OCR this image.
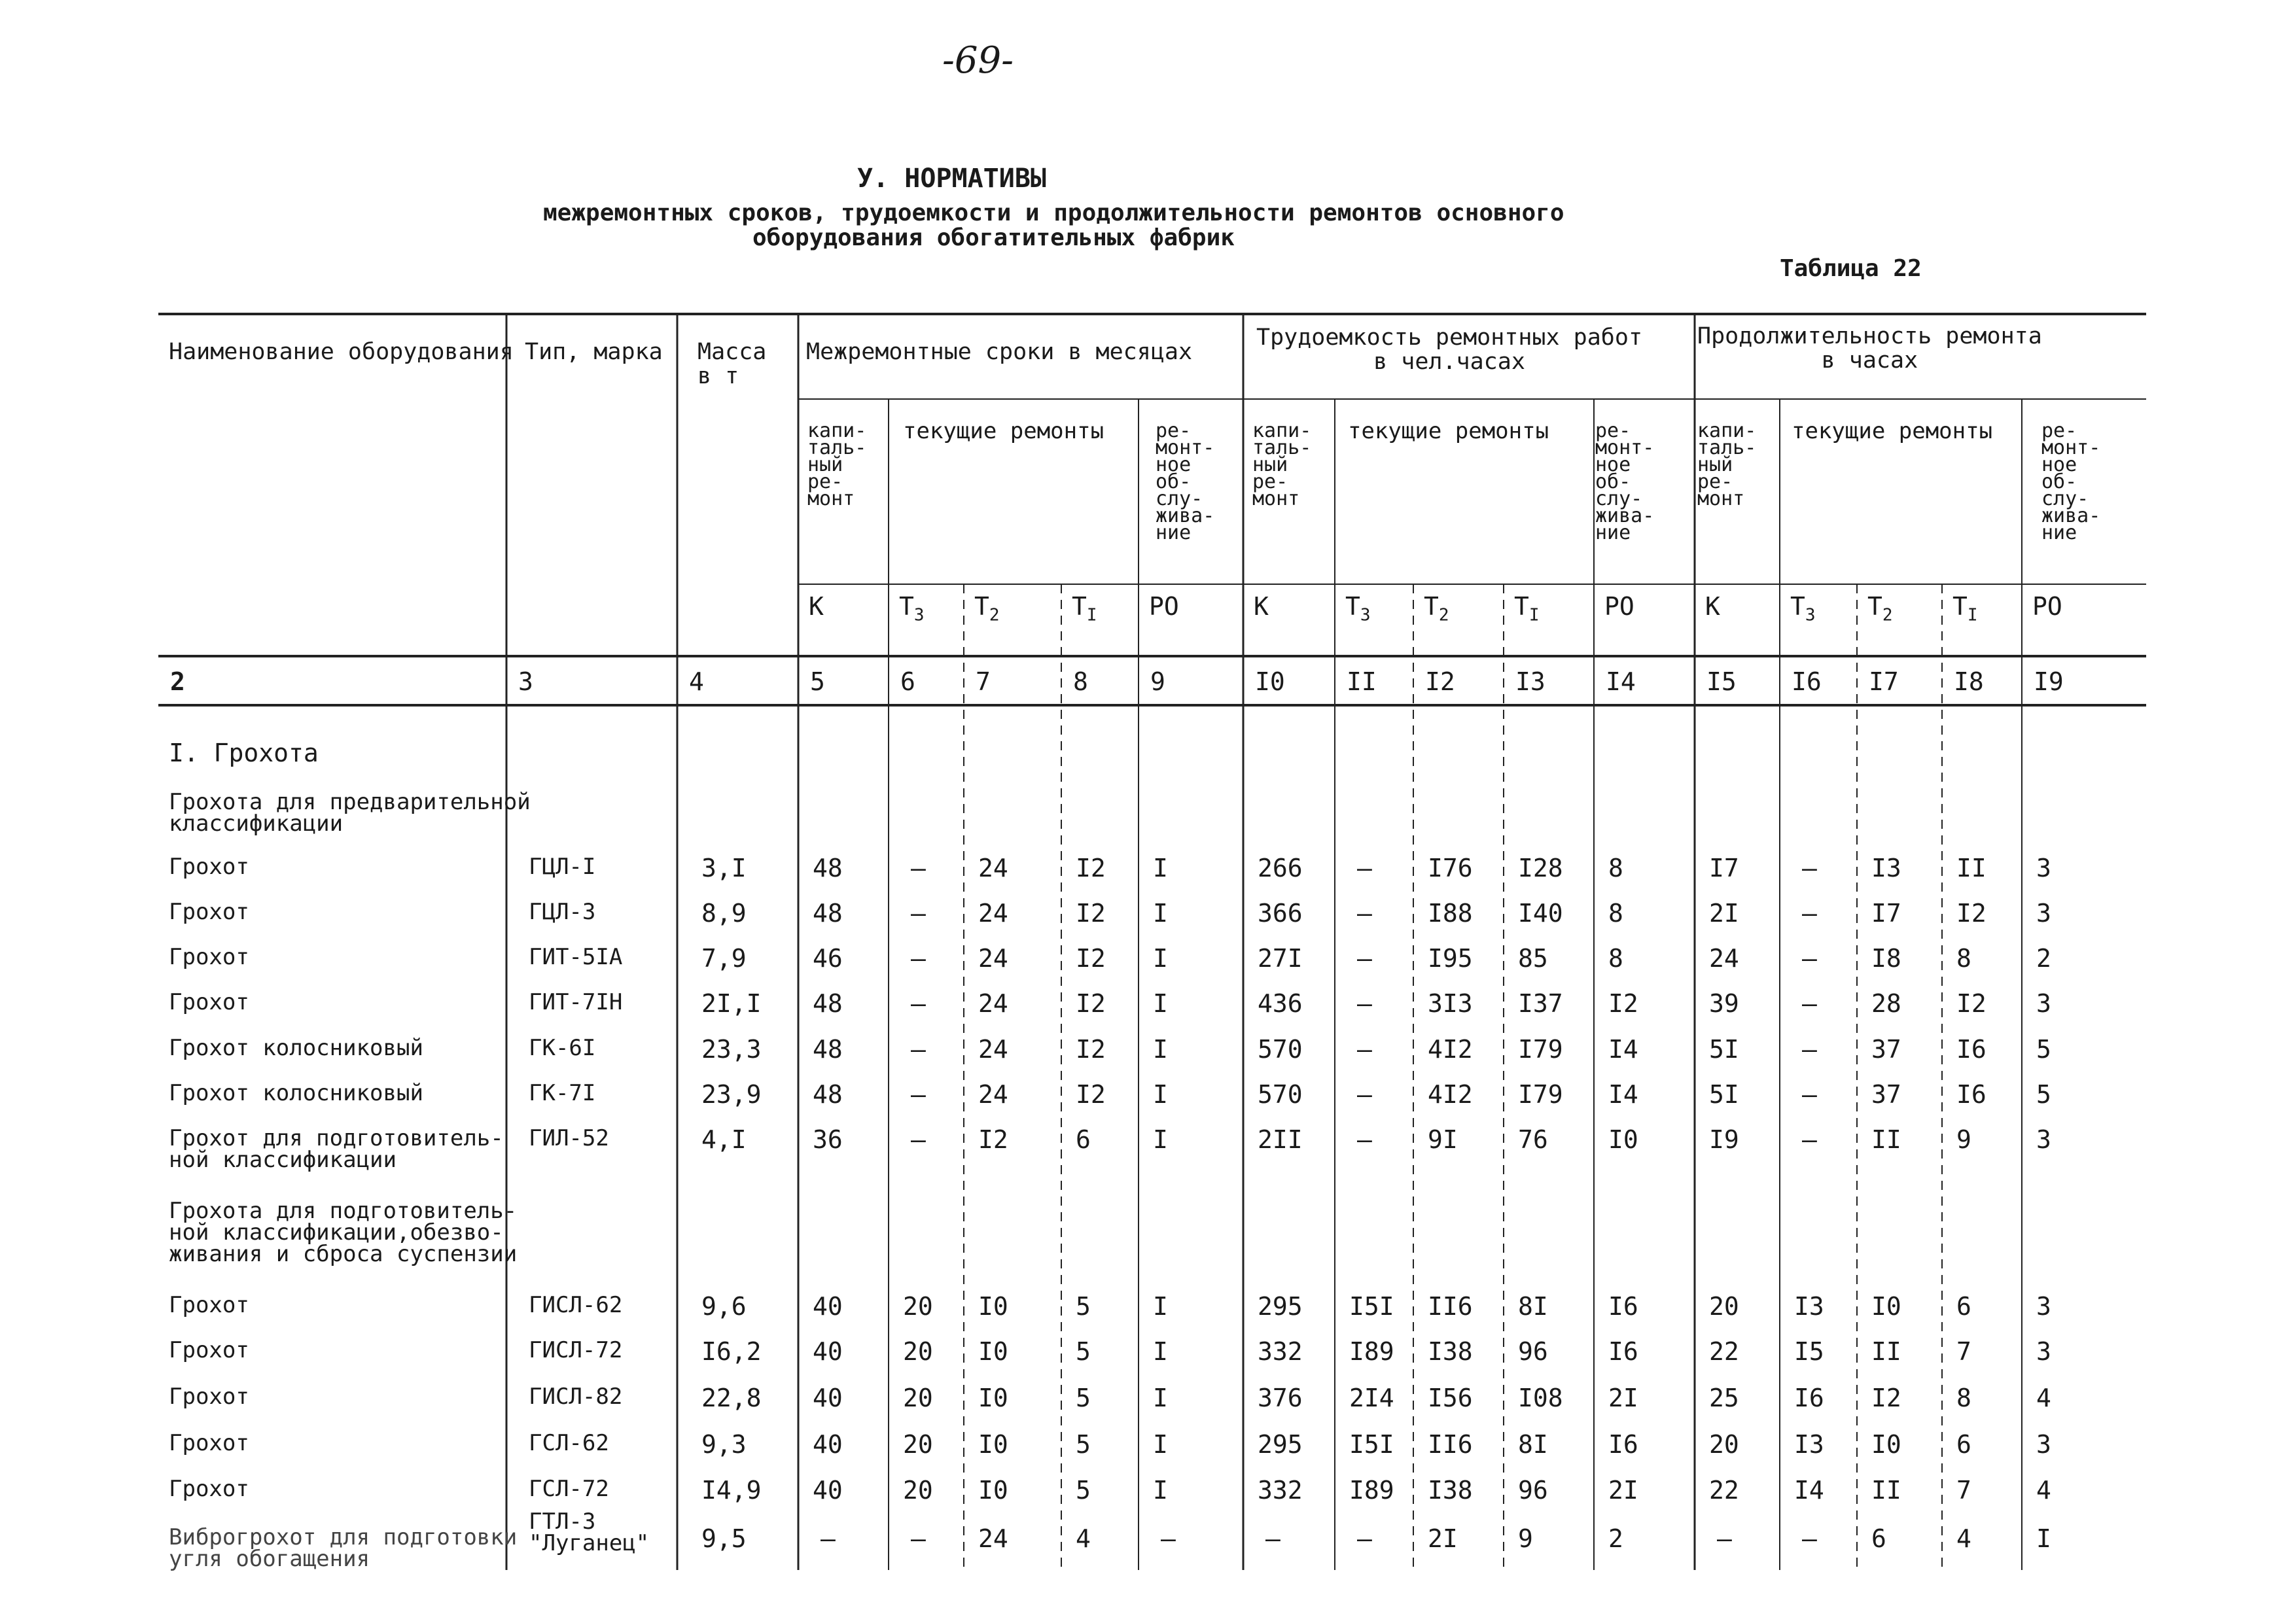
-69-
У. НОРМАТИВЫ
межремонтных сроков, трудоемкости и продолжительности ремонтов основного
оборудования обогатительных фабрик
Таблица 22
Наименование оборудования Тип, марка Масса
в т
Межремонтные сроки в месяцах
Трудоемкость ремонтных работ
в чел.часах
Продолжительность ремонта
в часах
капи-
таль-
ный
ре-
монт
текущие ремонты	ре-
монт-
ное
об-
слу-
жива-
ние
капи-
таль-
ный
ре-
монт
текущие ремонты ре-
монт-
ное
об-
слу-
жива-
ние
капи-
таль-
ный
ре-
монт
текущие ремонты ре-
монт-
ное
об-
слу-
жива-
ние
К	$Т_3$ $Т_2$	$Т_I$ РО	К	$Т_3$ $Т_2$	$Т_I$	РО	К	$Т_3$ $Т_2$ $Т_I$ РО
2	3	4	5	6 7	8	9	I0 II I2 I3 I4	I5 I6 I7 I8 I9
I. Грохота
Грохота для предварительной
классификации
Грохота для подготовитель-
ной классификации,обезво-
живания и сброса суспензии
Грохот	ГЦЛ-I	3,I	48	– 24	I2 I	266 – I76 I28 8	I7	– I3 II 3
Грохот	ГЦЛ-3	8,9	48	– 24	I2 I	366 – I88 I40 8	2I	– I7 I2 3
Грохот	ГИТ-5IA	7,9	46	– 24	I2 I	27I – I95 85 8	24	– I8 8	2
Грохот	ГИТ-7IH	2I,I 48	– 24	I2 I	436 – 3I3 I37 I2	39	– 28 I2 3
Грохот колосниковый	ГК-6I	23,3 48	– 24	I2 I	570 – 4I2 I79 I4	5I	– 37 I6 5
Грохот колосниковый	ГК-7I	23,9 48	– 24	I2 I	570 – 4I2 I79 I4	5I	– 37 I6 5
Грохот для подготовитель-
ной классификации
ГИЛ-52	4,I	36	– I2	6	I	2II – 9I 76 I0	I9	– II 9	3
Грохот	ГИСЛ-62	9,6	40 20 I0	5	I	295 I5I II6 8I I6	20 I3 I0 6	3
Грохот	ГИСЛ-72	I6,2 40 20 I0	5	I	332 I89 I38 96 I6	22 I5 II 7	3
Грохот	ГИСЛ-82	22,8 40 20 I0	5	I	376 2I4 I56 I08 2I	25 I6 I2 8	4
Грохот	ГСЛ-62	9,3	40 20 I0	5	I	295 I5I II6 8I I6	20 I3 I0 6	3
Грохот	ГСЛ-72	I4,9 40 20 I0	5	I	332 I89 I38 96 2I	22 I4 II 7	4
Виброгрохот для подготовки
угля обогащения
ГТЛ-3
"Луганец" 9,5	–	– 24	4	–	–	– 2I 9	2	–	– 6	4	I
